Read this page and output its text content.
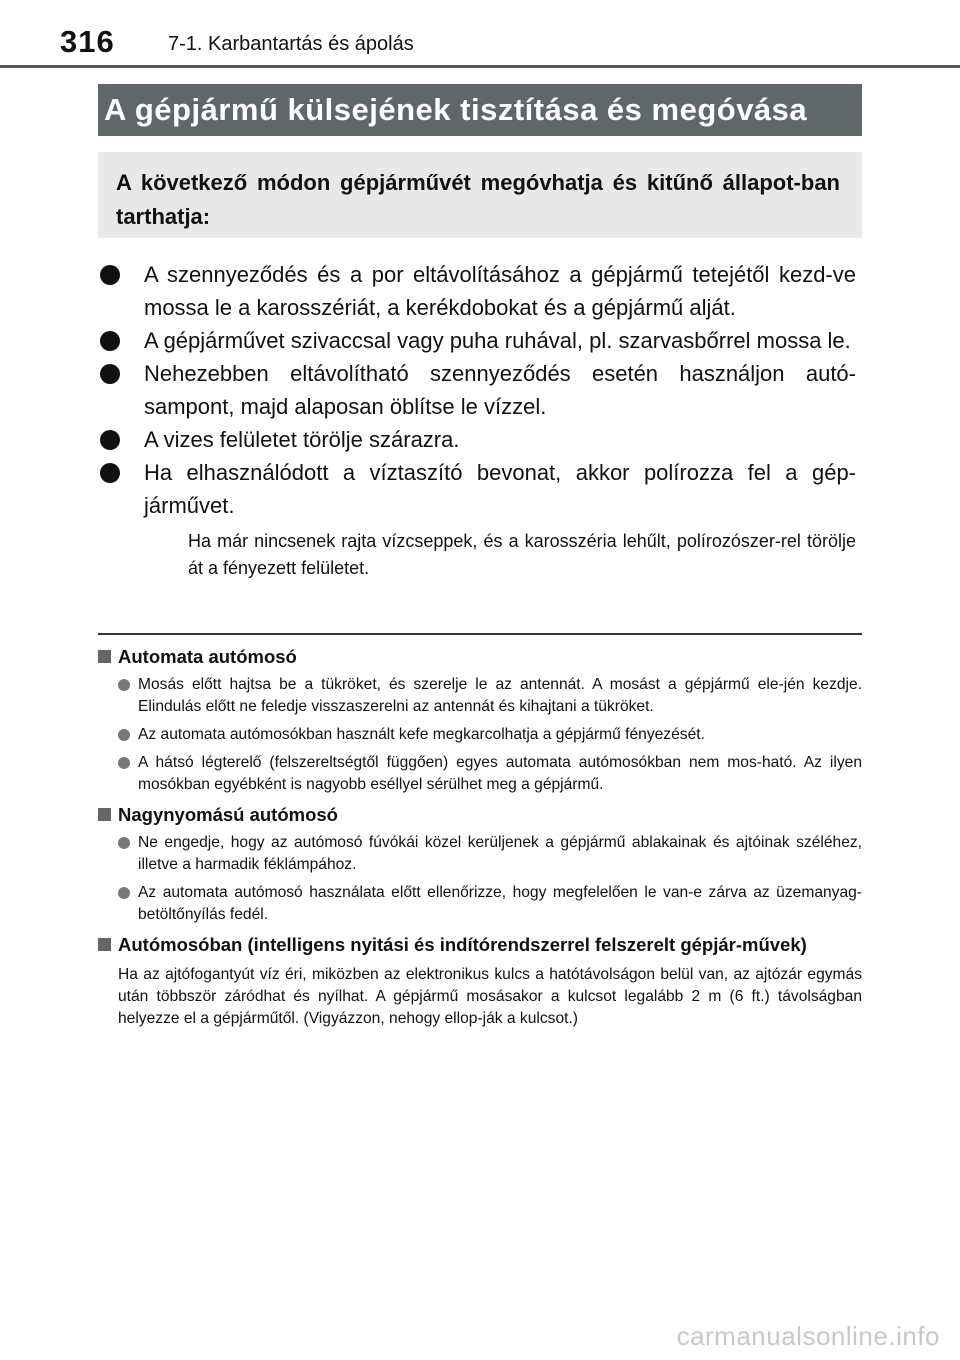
316	7-1. Karbantartás és ápolás
A gépjármű külsejének tisztítása és megóvása
A következő módon gépjárművét megóvhatja és kitűnő állapot-ban tarthatja:
A szennyeződés és a por eltávolításához a gépjármű tetejétől kezd-ve mossa le a karosszériát, a kerékdobokat és a gépjármű alját.
A gépjárművet szivaccsal vagy puha ruhával, pl. szarvasbőrrel mossa le.
Nehezebben eltávolítható szennyeződés esetén használjon autó-sampont, majd alaposan öblítse le vízzel.
A vizes felületet törölje szárazra.
Ha elhasználódott a víztaszító bevonat, akkor polírozza fel a gép-járművet.
Ha már nincsenek rajta vízcseppek, és a karosszéria lehűlt, polírozószer-rel törölje át a fényezett felületet.
Automata autómosó
Mosás előtt hajtsa be a tükröket, és szerelje le az antennát. A mosást a gépjármű ele-jén kezdje. Elindulás előtt ne feledje visszaszerelni az antennát és kihajtani a tükröket.
Az automata autómosókban használt kefe megkarcolhatja a gépjármű fényezését.
A hátsó légterelő (felszereltségtől függően) egyes automata autómosókban nem mos-ható. Az ilyen mosókban egyébként is nagyobb eséllyel sérülhet meg a gépjármű.
Nagynyomású autómosó
Ne engedje, hogy az autómosó fúvókái közel kerüljenek a gépjármű ablakainak és ajtóinak széléhez, illetve a harmadik féklámpához.
Az automata autómosó használata előtt ellenőrizze, hogy megfelelően le van-e zárva az üzemanyag-betöltőnyílás fedél.
Autómosóban (intelligens nyitási és indítórendszerrel felszerelt gépjár-művek)
Ha az ajtófogantyút víz éri, miközben az elektronikus kulcs a hatótávolságon belül van, az ajtózár egymás után többször záródhat és nyílhat. A gépjármű mosásakor a kulcsot legalább 2 m (6 ft.) távolságban helyezze el a gépjárműtől. (Vigyázzon, nehogy ellop-ják a kulcsot.)
carmanualsonline.info
